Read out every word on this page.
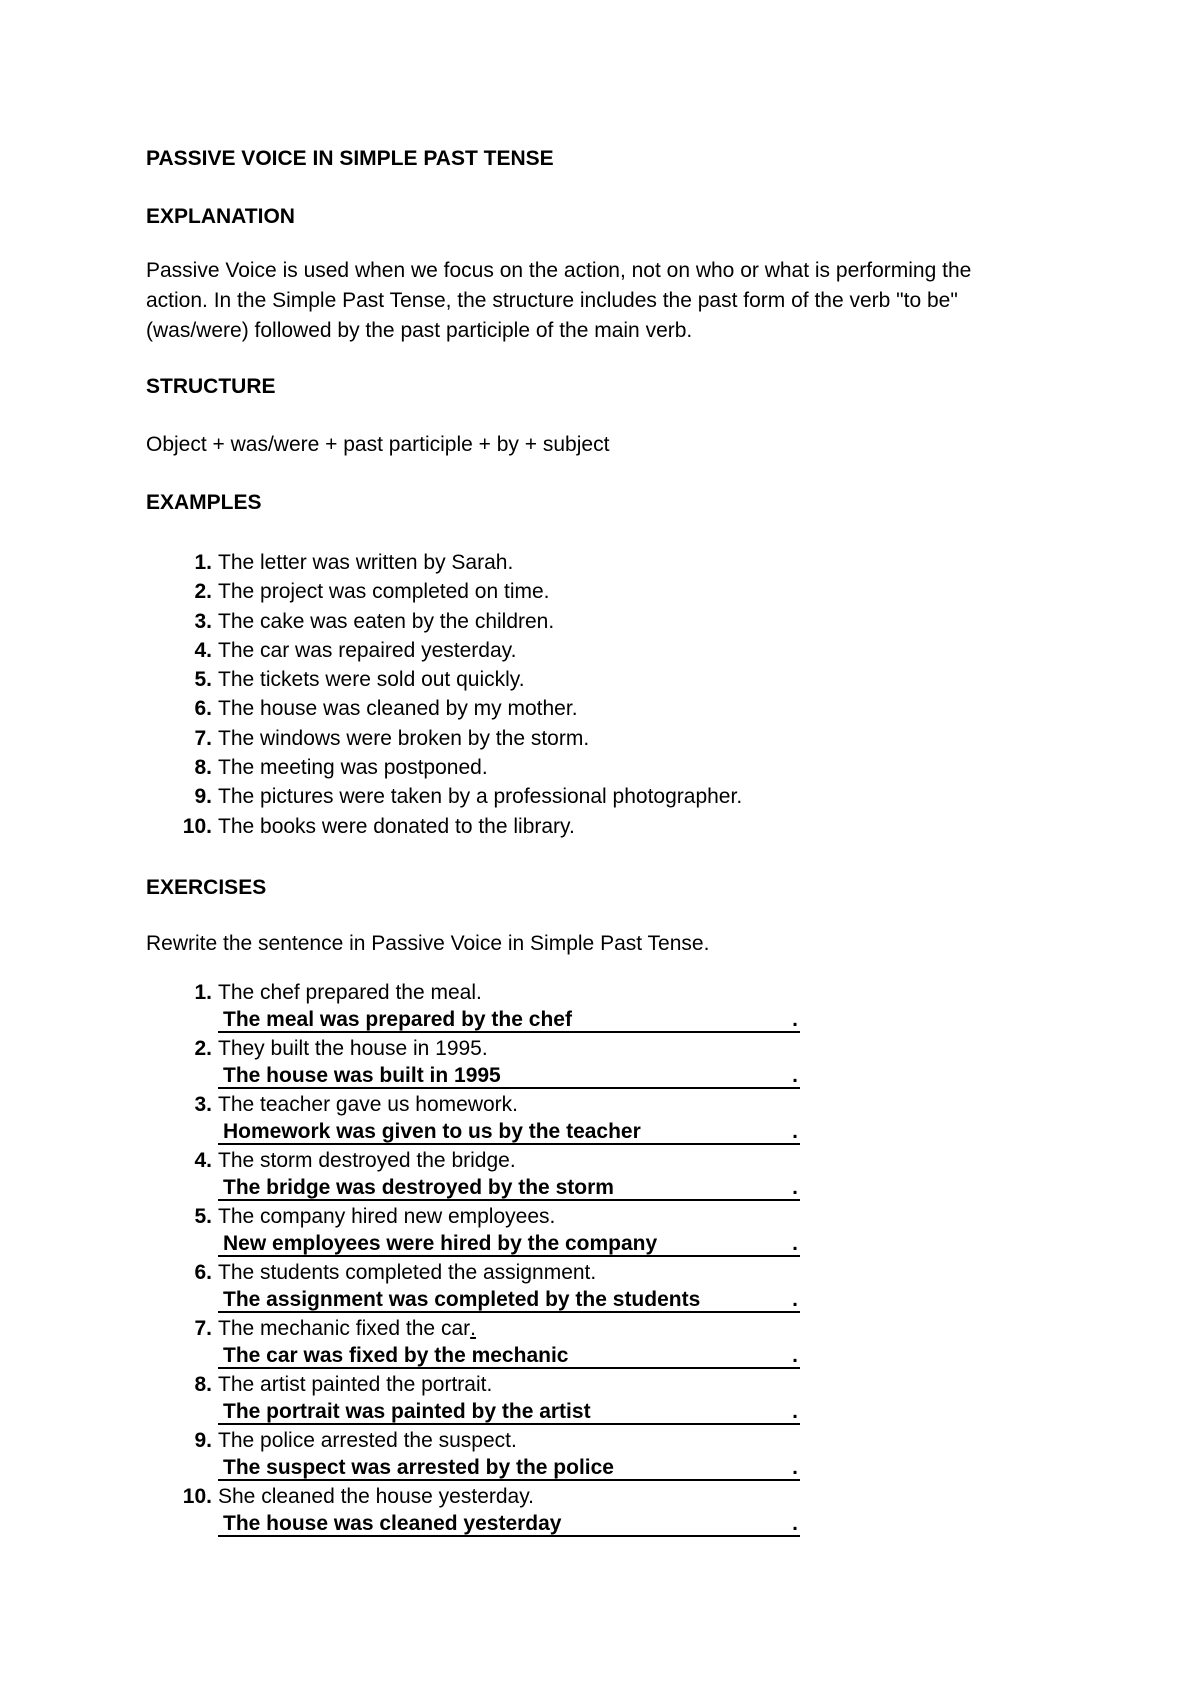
PASSIVE VOICE IN SIMPLE PAST TENSE
EXPLANATION

Passive Voice is used when we focus on the action, not on who or what is performing the
action. In the Simple Past Tense, the structure includes the past form of the verb "to be"
(was/were) followed by the past participle of the main verb.

STRUCTURE
Object + was/were + past participle + by + subject
EXAMPLES
1. The letter was written by Sarah.
2. The project was completed on time.
3. The cake was eaten by the children.
4. The car was repaired yesterday.
5. The tickets were sold out quickly.
6. The house was cleaned by my mother.
7. The windows were broken by the storm.
8. The meeting was postponed.
9. The pictures were taken by a professional photographer.
10. The books were donated to the library.
EXERCISES
Rewrite the sentence in Passive Voice in Simple Past Tense.
1. The chef prepared the meal.
The meal was prepared by the chef	.
2. They built the house in 1995.
The house was built in 1995	.
3. The teacher gave us homework.
Homework was given to us by the teacher	.
4. The storm destroyed the bridge.
The bridge was destroyed by the storm	.
5. The company hired new employees.
New employees were hired by the company	.
6. The students completed the assignment.
The assignment was completed by the students	.
7. The mechanic fixed the car .
The car was fixed by the mechanic	.
8. The artist painted the portrait.
The portrait was painted by the artist	.
9. The police arrested the suspect.
The suspect was arrested by the police	.
10. She cleaned the house yesterday.
The house was cleaned yesterday	.
